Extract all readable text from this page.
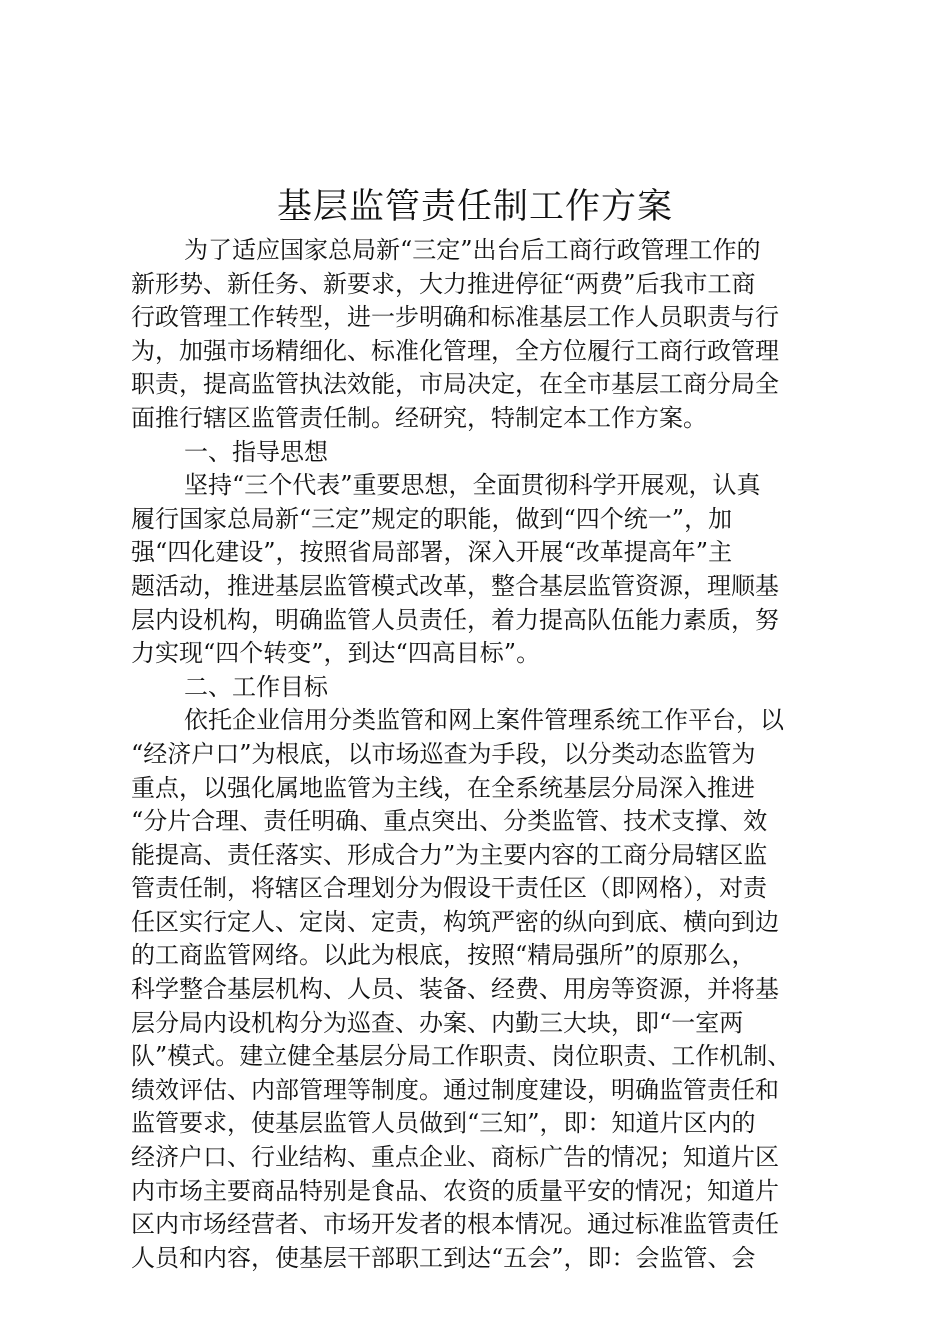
基层监管责任制工作方案
为了适应国家总局新“三定”出台后工商行政管理工作的
新形势、新任务、新要求，大力推进停征“两费”后我市工商
行政管理工作转型，进一步明确和标准基层工作人员职责与行
为，加强市场精细化、标准化管理，全方位履行工商行政管理
职责，提高监管执法效能，市局决定，在全市基层工商分局全
面推行辖区监管责任制。经研究，特制定本工作方案。
一、指导思想
坚持“三个代表”重要思想，全面贯彻科学开展观，认真
履行国家总局新“三定”规定的职能，做到“四个统一”，加
强“四化建设”，按照省局部署，深入开展“改革提高年”主
题活动，推进基层监管模式改革，整合基层监管资源，理顺基
层内设机构，明确监管人员责任，着力提高队伍能力素质，努
力实现“四个转变”，到达“四高目标”。
二、工作目标
依托企业信用分类监管和网上案件管理系统工作平台，以
“经济户口”为根底，以市场巡查为手段，以分类动态监管为
重点，以强化属地监管为主线，在全系统基层分局深入推进
“分片合理、责任明确、重点突出、分类监管、技术支撑、效
能提高、责任落实、形成合力”为主要内容的工商分局辖区监
管责任制，将辖区合理划分为假设干责任区（即网格），对责
任区实行定人、定岗、定责，构筑严密的纵向到底、横向到边
的工商监管网络。以此为根底，按照“精局强所”的原那么，
科学整合基层机构、人员、装备、经费、用房等资源，并将基
层分局内设机构分为巡查、办案、内勤三大块，即“一室两
队”模式。建立健全基层分局工作职责、岗位职责、工作机制、
绩效评估、内部管理等制度。通过制度建设，明确监管责任和
监管要求，使基层监管人员做到“三知”，即：知道片区内的
经济户口、行业结构、重点企业、商标广告的情况；知道片区
内市场主要商品特别是食品、农资的质量平安的情况；知道片
区内市场经营者、市场开发者的根本情况。通过标准监管责任
人员和内容，使基层干部职工到达“五会”，即：会监管、会
